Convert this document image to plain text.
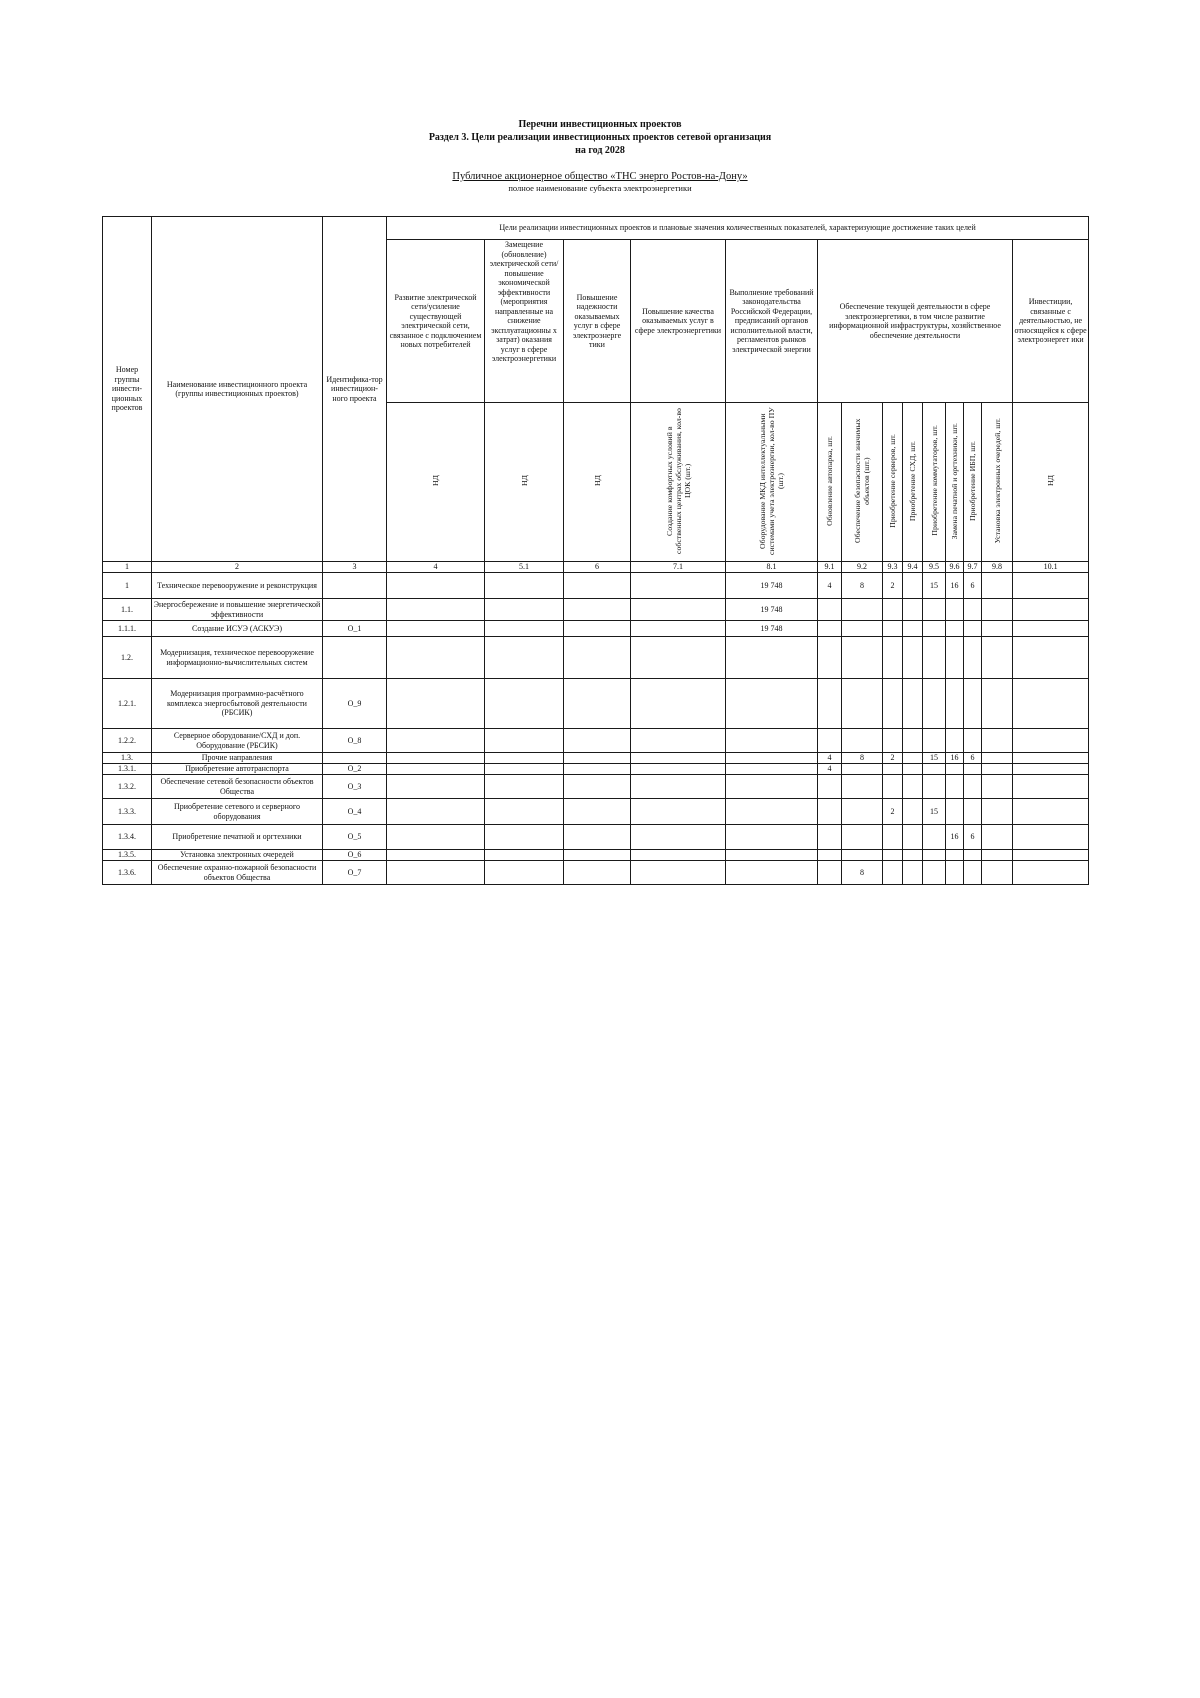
Перечни инвестиционных проектов
Раздел 3. Цели реализации инвестиционных проектов сетевой организация
на год 2028
Публичное акционерное общество «ТНС энерго Ростов-на-Дону»
полное наименование субъекта электроэнергетики
Номер группы инвести-ционных проектов	Наименование инвестиционного проекта (группы инвестиционных проектов)	Идентифика-тор инвестицион-ного проекта	Цели реализации инвестиционных проектов и плановые значения количественных показателей, характеризующие достижение таких целей													

			Развитие электрической сети/усиление существующей электрической сети, связанное с подключением новых потребителей	Замещение (обновление) электрической сети/повышение экономической эффективности (мероприятия направленные на снижение эксплуатационны х затрат) оказания услуг в сфере электроэнергетики	Повышение надежности оказываемых услуг в сфере электроэнерге тики	Повышение качества оказываемых услуг в сфере электроэнергетики	Выполнение требований законодательства Российской Федерации, предписаний органов исполнительной власти, регламентов рынков электрической энергии	Обеспечение текущей деятельности в сфере электроэнергетики, в том числе развитие информационной инфраструктуры, хозяйственное обеспечение деятельности								Инвестиции, связанные с деятельностью, не относящейся к сфере электроэнергет ики

			НД	НД	НД	Создание комфортных условий в собственных центрах обслуживания, кол-во ЦОК (шт.)	Оборудование МКД интеллектуальными системами учета электроэнергии, кол-во ПУ (шт.)	Обновление автопарка, шт.	Обеспечение безопасности значимых объектов (шт.)	Приобретение серверов, шт.	Приобретение СХД, шт.	Приобретение коммутаторов, шт.	Замена печатной и оргтехники, шт.	Приобретение ИБП, шт.	Установка электронных очередей, шт.	НД
1	2	3	4	5.1	6	7.1	8.1	9.1	9.2	9.3	9.4	9.5	9.6	9.7	9.8	10.1
1	Техническое перевооружение и реконструкция						19 748	4	8	2		15	16	6		
1.1.	Энергосбережение и повышение энергетической эффективности						19 748									
1.1.1.	Создание ИСУЭ (АСКУЭ)	О_1					19 748									
1.2.	Модернизация, техническое перевооружение информационно-вычислительных систем															
1.2.1.	Модернизация программно-расчётного комплекса энергосбытовой деятельности (РБСИК)	О_9														
1.2.2.	Серверное оборудование/СХД и доп. Оборудование (РБСИК)	О_8														
1.3.	Прочие направления							4	8	2		15	16	6		
1.3.1.	Приобретение автотранспорта	О_2						4								
1.3.2.	Обеспечение сетевой безопасности объектов Общества	О_3														
1.3.3.	Приобретение сетевого и серверного оборудования	О_4								2		15				
1.3.4.	Приобретение печатной и оргтехники	О_5											16	6		
1.3.5.	Установка электронных очередей	О_6														
1.3.6.	Обеспечение охранно-пожарной безопасности объектов Общества	О_7							8							
